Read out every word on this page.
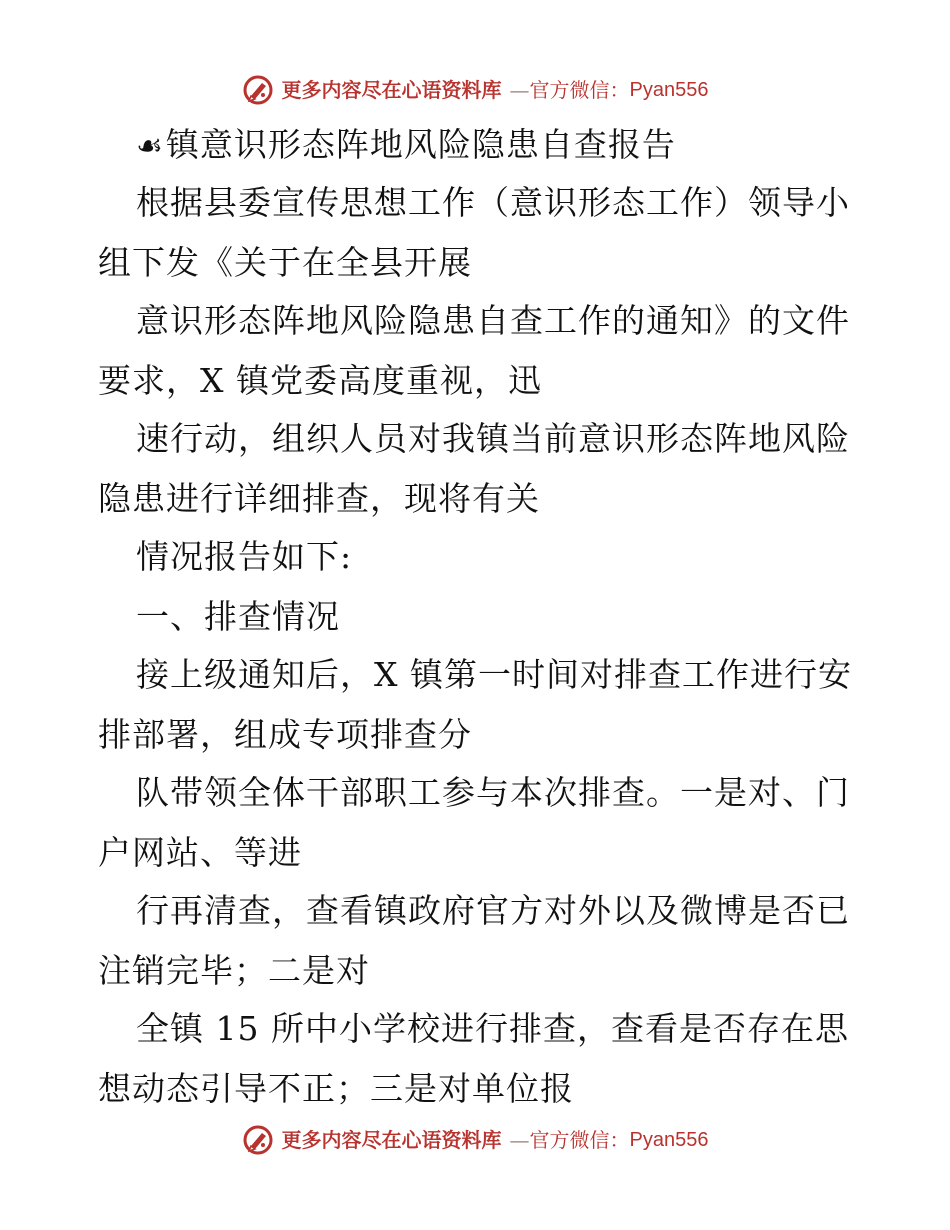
更多内容尽在心语资料库 — 官方微信： Pyan556
☙镇意识形态阵地风险隐患自查报告
根据县委宣传思想工作（意识形态工作）领导小
组下发《关于在全县开展
意识形态阵地风险隐患自查工作的通知》的文件
要求，X 镇党委高度重视，迅
速行动，组织人员对我镇当前意识形态阵地风险
隐患进行详细排查，现将有关
情况报告如下:
一、排查情况
接上级通知后，X 镇第一时间对排查工作进行安
排部署，组成专项排查分
队带领全体干部职工参与本次排查。一是对、门
户网站、等进
行再清查，查看镇政府官方对外以及微博是否已
注销完毕；二是对
全镇 15 所中小学校进行排查，查看是否存在思
想动态引导不正；三是对单位报
更多内容尽在心语资料库 — 官方微信： Pyan556
